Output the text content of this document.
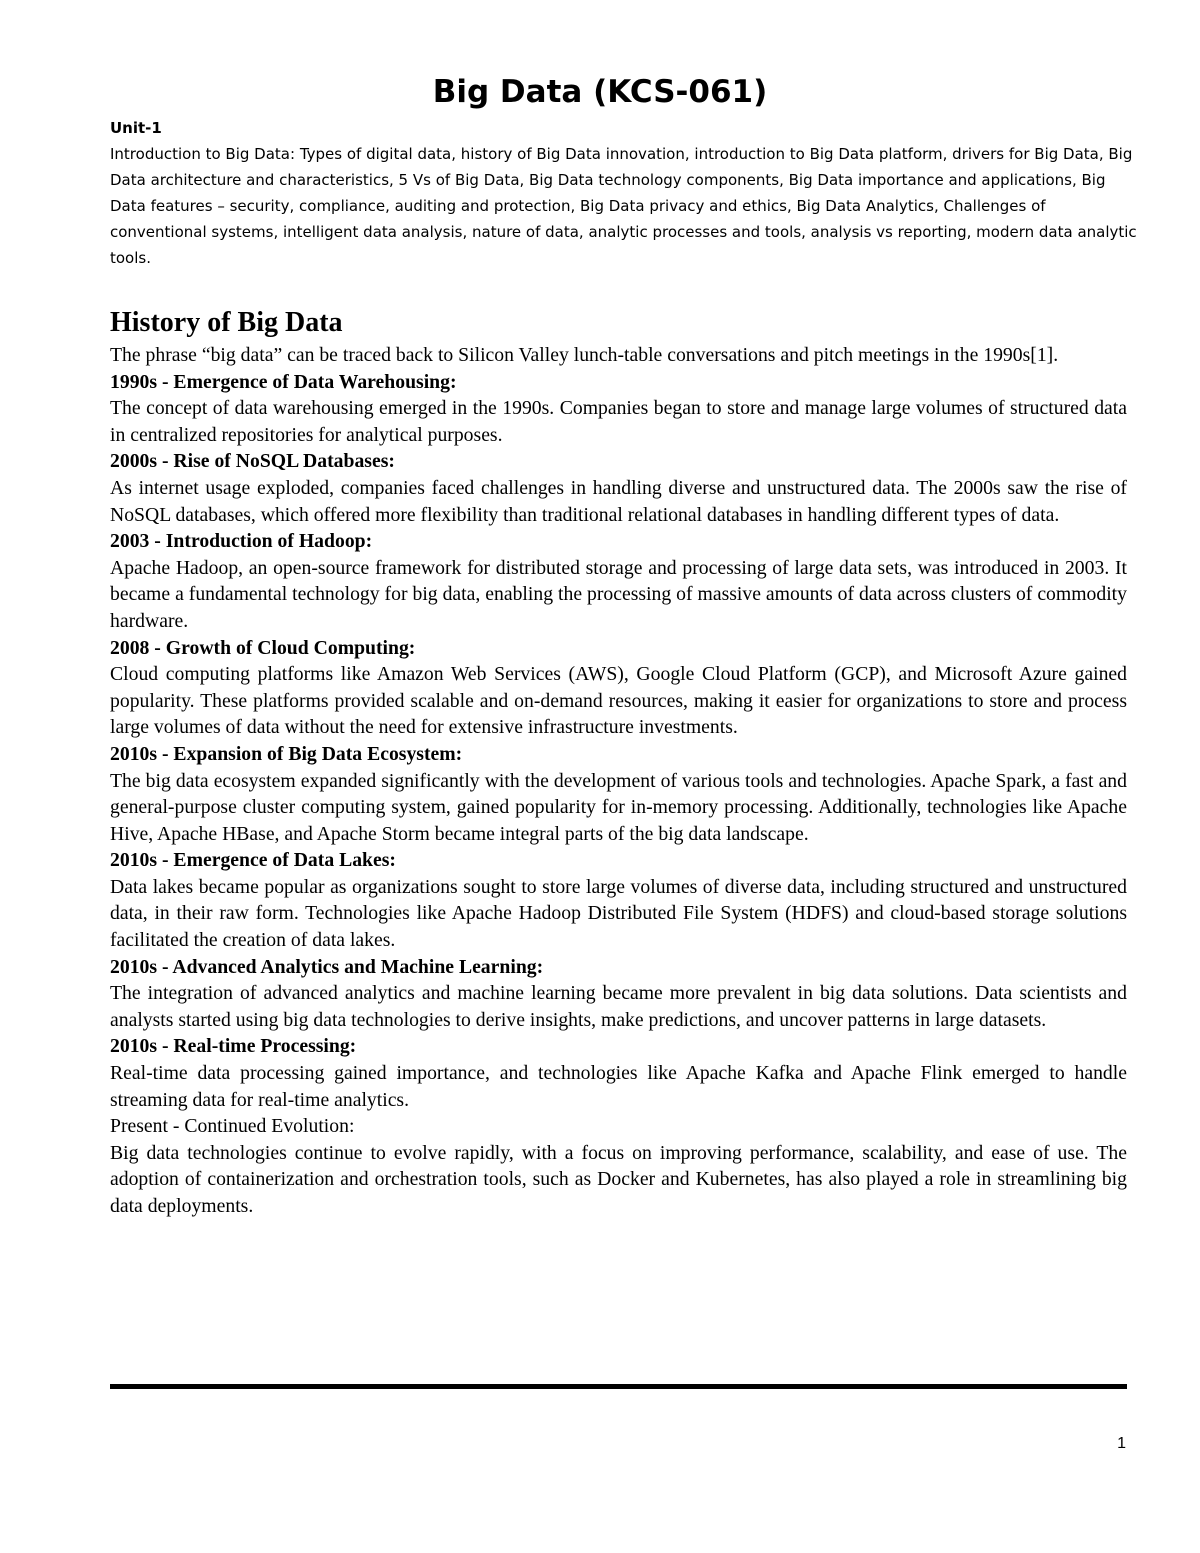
Big Data (KCS-061)

Unit-1

Introduction to Big Data: Types of digital data, history of Big Data innovation, introduction to Big Data platform, drivers for Big Data, Big Data architecture and characteristics, 5 Vs of Big Data, Big Data technology components, Big Data importance and applications, Big Data features – security, compliance, auditing and protection, Big Data privacy and ethics, Big Data Analytics, Challenges of conventional systems, intelligent data analysis, nature of data, analytic processes and tools, analysis vs reporting, modern data analytic tools.

History of Big Data

The phrase “big data” can be traced back to Silicon Valley lunch-table conversations and pitch meetings in the 1990s[1].

1990s - Emergence of Data Warehousing:

The concept of data warehousing emerged in the 1990s. Companies began to store and manage large volumes of structured data in centralized repositories for analytical purposes.

2000s - Rise of NoSQL Databases:

As internet usage exploded, companies faced challenges in handling diverse and unstructured data. The 2000s saw the rise of NoSQL databases, which offered more flexibility than traditional relational databases in handling different types of data.

2003 - Introduction of Hadoop:

Apache Hadoop, an open-source framework for distributed storage and processing of large data sets, was introduced in 2003. It became a fundamental technology for big data, enabling the processing of massive amounts of data across clusters of commodity hardware.

2008 - Growth of Cloud Computing:

Cloud computing platforms like Amazon Web Services (AWS), Google Cloud Platform (GCP), and Microsoft Azure gained popularity. These platforms provided scalable and on-demand resources, making it easier for organizations to store and process large volumes of data without the need for extensive infrastructure investments.

2010s - Expansion of Big Data Ecosystem:

The big data ecosystem expanded significantly with the development of various tools and technologies. Apache Spark, a fast and general-purpose cluster computing system, gained popularity for in-memory processing. Additionally, technologies like Apache Hive, Apache HBase, and Apache Storm became integral parts of the big data landscape.

2010s - Emergence of Data Lakes:

Data lakes became popular as organizations sought to store large volumes of diverse data, including structured and unstructured data, in their raw form. Technologies like Apache Hadoop Distributed File System (HDFS) and cloud-based storage solutions facilitated the creation of data lakes.

2010s - Advanced Analytics and Machine Learning:

The integration of advanced analytics and machine learning became more prevalent in big data solutions. Data scientists and analysts started using big data technologies to derive insights, make predictions, and uncover patterns in large datasets.

2010s - Real-time Processing:

Real-time data processing gained importance, and technologies like Apache Kafka and Apache Flink emerged to handle streaming data for real-time analytics.

Present - Continued Evolution:

Big data technologies continue to evolve rapidly, with a focus on improving performance, scalability, and ease of use. The adoption of containerization and orchestration tools, such as Docker and Kubernetes, has also played a role in streamlining big data deployments.

1
